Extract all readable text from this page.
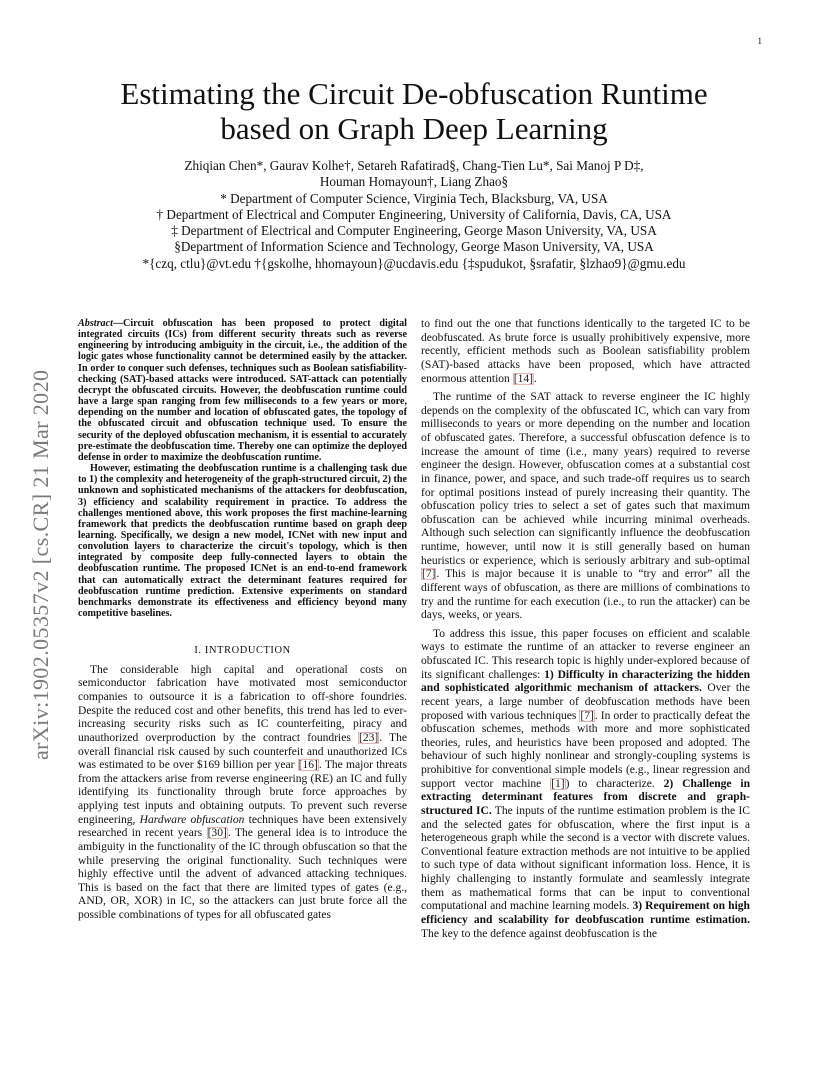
1
arXiv:1902.05357v2 [cs.CR] 21 Mar 2020
Estimating the Circuit De-obfuscation Runtime
based on Graph Deep Learning
Zhiqian Chen*, Gaurav Kolhe†, Setareh Rafatirad§, Chang-Tien Lu*, Sai Manoj P D‡,
Houman Homayoun†, Liang Zhao§
* Department of Computer Science, Virginia Tech, Blacksburg, VA, USA
† Department of Electrical and Computer Engineering, University of California, Davis, CA, USA
‡ Department of Electrical and Computer Engineering, George Mason University, VA, USA
§Department of Information Science and Technology, George Mason University, VA, USA
*{czq, ctlu}@vt.edu †{gskolhe, hhomayoun}@ucdavis.edu {‡spudukot, §srafatir, §lzhao9}@gmu.edu

Abstract—Circuit obfuscation has been proposed to protect digital integrated circuits (ICs) from different security threats such as reverse engineering by introducing ambiguity in the circuit, i.e., the addition of the logic gates whose functionality cannot be determined easily by the attacker. In order to conquer such defenses, techniques such as Boolean satisfiability-checking (SAT)-based attacks were introduced. SAT-attack can potentially decrypt the obfuscated circuits. However, the deobfuscation runtime could have a large span ranging from few milliseconds to a few years or more, depending on the number and location of obfuscated gates, the topology of the obfuscated circuit and obfuscation technique used. To ensure the security of the deployed obfuscation mechanism, it is essential to accurately pre-estimate the deobfuscation time. Thereby one can optimize the deployed defense in order to maximize the deobfuscation runtime.

However, estimating the deobfuscation runtime is a challenging task due to 1) the complexity and heterogeneity of the graph-structured circuit, 2) the unknown and sophisticated mechanisms of the attackers for deobfuscation, 3) efficiency and scalability requirement in practice. To address the challenges mentioned above, this work proposes the first machine-learning framework that predicts the deobfuscation runtime based on graph deep learning. Specifically, we design a new model, ICNet with new input and convolution layers to characterize the circuit's topology, which is then integrated by composite deep fully-connected layers to obtain the deobfuscation runtime. The proposed ICNet is an end-to-end framework that can automatically extract the determinant features required for deobfuscation runtime prediction. Extensive experiments on standard benchmarks demonstrate its effectiveness and efficiency beyond many competitive baselines.

I. INTRODUCTION

The considerable high capital and operational costs on semiconductor fabrication have motivated most semiconductor companies to outsource it is a fabrication to off-shore foundries. Despite the reduced cost and other benefits, this trend has led to ever-increasing security risks such as IC counterfeiting, piracy and unauthorized overproduction by the contract foundries [23]. The overall financial risk caused by such counterfeit and unauthorized ICs was estimated to be over $169 billion per year [16]. The major threats from the attackers arise from reverse engineering (RE) an IC and fully identifying its functionality through brute force approaches by applying test inputs and obtaining outputs. To prevent such reverse engineering, Hardware obfuscation techniques have been extensively researched in recent years [30]. The general idea is to introduce the ambiguity in the functionality of the IC through obfuscation so that the while preserving the original functionality. Such techniques were highly effective until the advent of advanced attacking techniques. This is based on the fact that there are limited types of gates (e.g., AND, OR, XOR) in IC, so the attackers can just brute force all the possible combinations of types for all obfuscated gates

to find out the one that functions identically to the targeted IC to be deobfuscated. As brute force is usually prohibitively expensive, more recently, efficient methods such as Boolean satisfiability problem (SAT)-based attacks have been proposed, which have attracted enormous attention [14].

The runtime of the SAT attack to reverse engineer the IC highly depends on the complexity of the obfuscated IC, which can vary from milliseconds to years or more depending on the number and location of obfuscated gates. Therefore, a successful obfuscation defence is to increase the amount of time (i.e., many years) required to reverse engineer the design. However, obfuscation comes at a substantial cost in finance, power, and space, and such trade-off requires us to search for optimal positions instead of purely increasing their quantity. The obfuscation policy tries to select a set of gates such that maximum obfuscation can be achieved while incurring minimal overheads. Although such selection can significantly influence the deobfuscation runtime, however, until now it is still generally based on human heuristics or experience, which is seriously arbitrary and sub-optimal [7]. This is major because it is unable to “try and error” all the different ways of obfuscation, as there are millions of combinations to try and the runtime for each execution (i.e., to run the attacker) can be days, weeks, or years.

To address this issue, this paper focuses on efficient and scalable ways to estimate the runtime of an attacker to reverse engineer an obfuscated IC. This research topic is highly under-explored because of its significant challenges: 1) Difficulty in characterizing the hidden and sophisticated algorithmic mechanism of attackers. Over the recent years, a large number of deobfuscation methods have been proposed with various techniques [7]. In order to practically defeat the obfuscation schemes, methods with more and more sophisticated theories, rules, and heuristics have been proposed and adopted. The behaviour of such highly nonlinear and strongly-coupling systems is prohibitive for conventional simple models (e.g., linear regression and support vector machine [1]) to characterize. 2) Challenge in extracting determinant features from discrete and graph-structured IC. The inputs of the runtime estimation problem is the IC and the selected gates for obfuscation, where the first input is a heterogeneous graph while the second is a vector with discrete values. Conventional feature extraction methods are not intuitive to be applied to such type of data without significant information loss. Hence, it is highly challenging to instantly formulate and seamlessly integrate them as mathematical forms that can be input to conventional computational and machine learning models. 3) Requirement on high efficiency and scalability for deobfuscation runtime estimation. The key to the defence against deobfuscation is the
